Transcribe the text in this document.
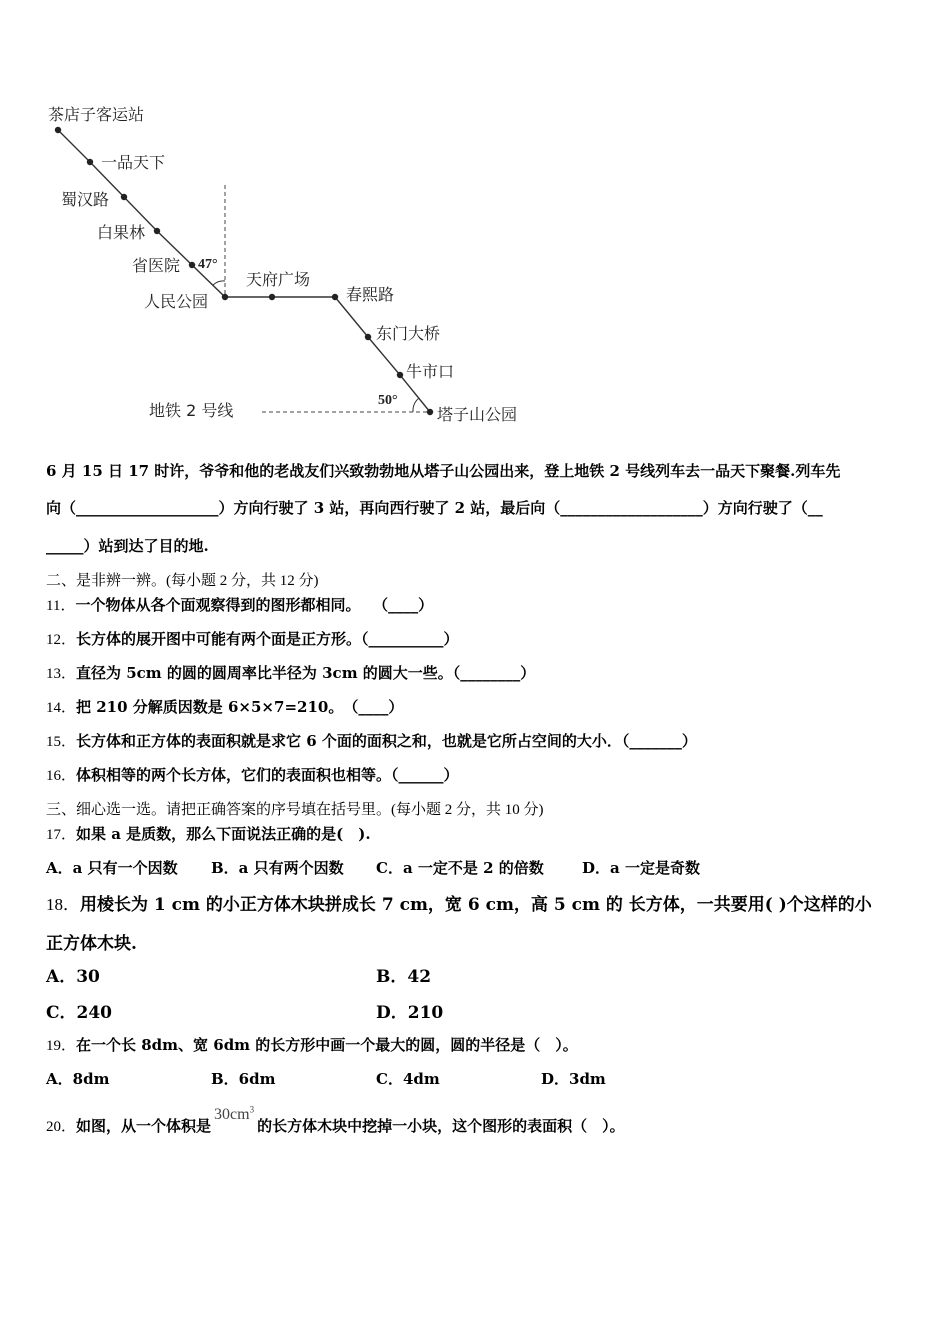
茶店子客运站
一品天下
蜀汉路
白果林
省医院
人民公园
天府广场
春熙路
东门大桥
牛市口
塔子山公园
47°
50°
地铁 2 号线
6 月 15 日 17 时许，爷爷和他的老战友们兴致勃勃地从塔子山公园出来，登上地铁 2 号线列车去一品天下聚餐.列车先
向（___________________）方向行驶了 3 站，再向西行驶了 2 站，最后向（___________________）方向行驶了（__
_____）站到达了目的地.
二、是非辨一辨。(每小题 2 分，共 12 分)
11．一个物体从各个面观察得到的图形都相同。　 （____）
12．长方体的展开图中可能有两个面是正方形。（__________）
13．直径为 5cm 的圆的圆周率比半径为 3cm 的圆大一些。（________）
14．把 210 分解质因数是 6×5×7=210。　（____）
15．长方体和正方体的表面积就是求它 6 个面的面积之和，也就是它所占空间的大小．（_______）
16．体积相等的两个长方体，它们的表面积也相等。（______）
三、细心选一选。请把正确答案的序号填在括号里。(每小题 2 分，共 10 分)
17．如果 a 是质数，那么下面说法正确的是(　).
A．a 只有一个因数 B．a 只有两个因数 C．a 一定不是 2 的倍数	D．a 一定是奇数
18．用棱长为 1 cm 的小正方体木块拼成长 7 cm，宽 6 cm，高 5 cm 的 长方体，一共要用( )个这样的小
正方体木块.
A．30	B．42
C．240	D．210
19．在一个长 8dm、宽 6dm 的长方形中画一个最大的圆，圆的半径是（　）。
A．8dm	B．6dm	C．4dm	D．3dm
20．如图，从一个体积是$30cm^3$的长方体木块中挖掉一小块，这个图形的表面积（　）。
